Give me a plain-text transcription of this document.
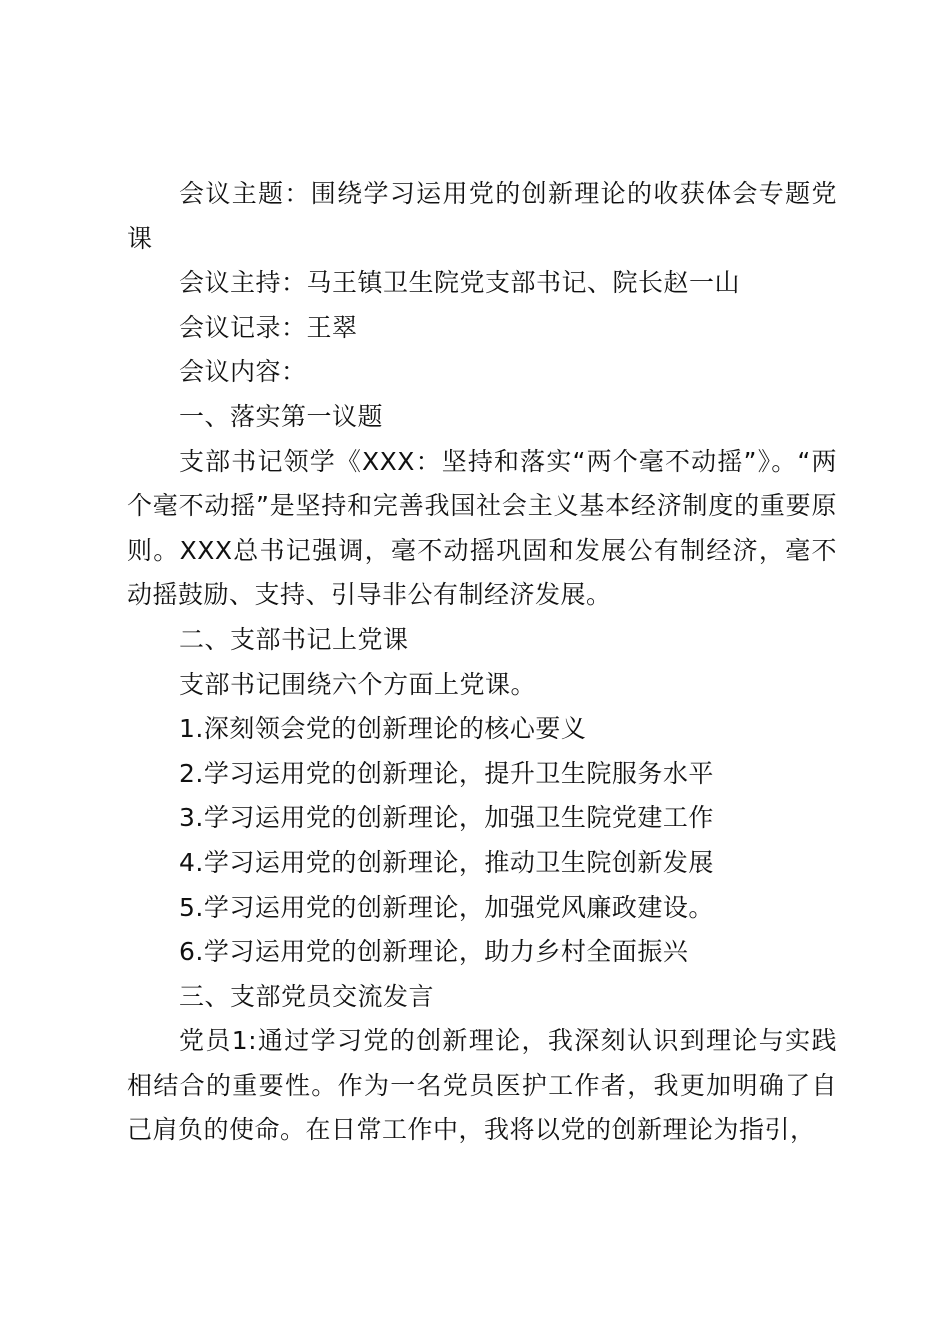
会议主题：围绕学习运用党的创新理论的收获体会专题党课

会议主持：马王镇卫生院党支部书记、院长赵一山

会议记录：王翠

会议内容：

一、落实第一议题

支部书记领学《XXX：坚持和落实“两个毫不动摇”》。“两个毫不动摇”是坚持和完善我国社会主义基本经济制度的重要原则。XXX总书记强调，毫不动摇巩固和发展公有制经济，毫不动摇鼓励、支持、引导非公有制经济发展。

二、支部书记上党课

支部书记围绕六个方面上党课。

1.深刻领会党的创新理论的核心要义

2.学习运用党的创新理论，提升卫生院服务水平

3.学习运用党的创新理论，加强卫生院党建工作

4.学习运用党的创新理论，推动卫生院创新发展

5.学习运用党的创新理论，加强党风廉政建设。

6.学习运用党的创新理论，助力乡村全面振兴

三、支部党员交流发言

党员1:通过学习党的创新理论，我深刻认识到理论与实践相结合的重要性。作为一名党员医护工作者，我更加明确了自己肩负的使命。在日常工作中，我将以党的创新理论为指引，
